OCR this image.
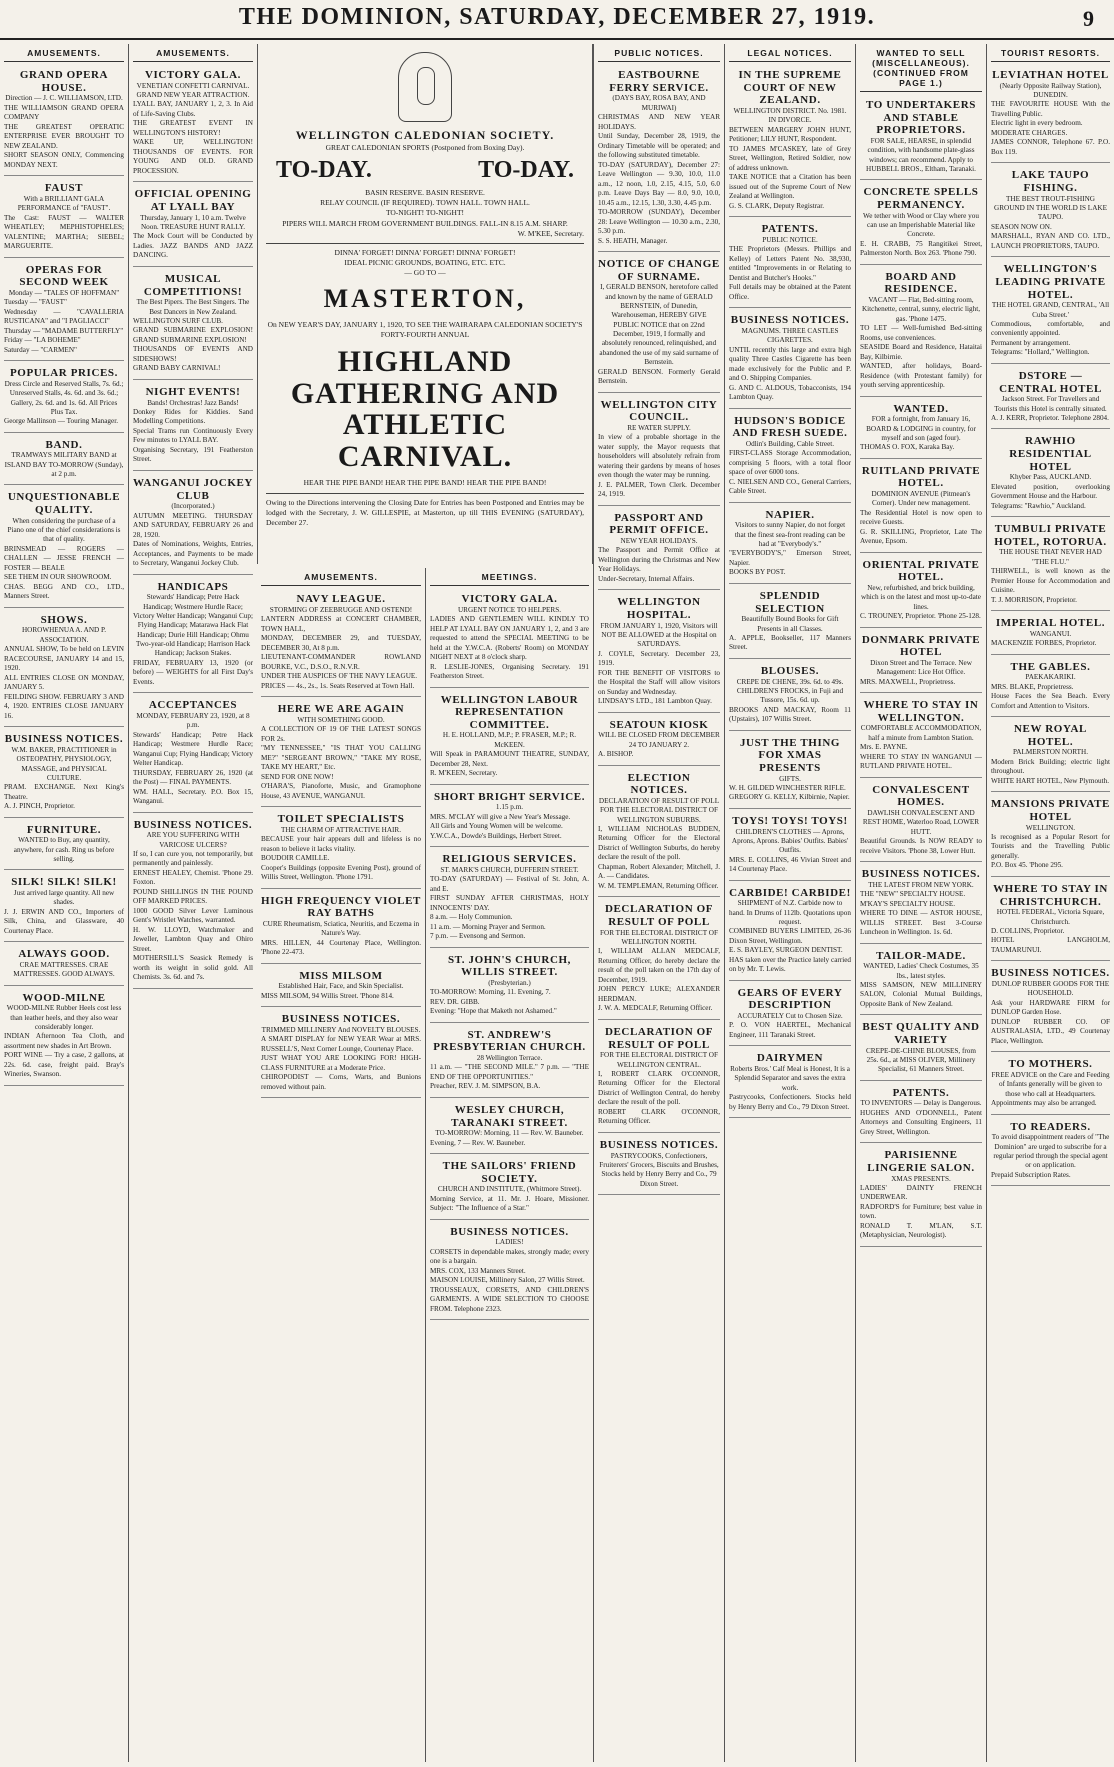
THE DOMINION, SATURDAY, DECEMBER 27, 1919.	9
AMUSEMENTS.
GRAND OPERA HOUSE.
Direction — J. C. WILLIAMSON, LTD.
THE WILLIAMSON GRAND OPERA COMPANY
THE GREATEST OPERATIC ENTERPRISE EVER BROUGHT TO NEW ZEALAND.
SHORT SEASON ONLY, Commencing MONDAY NEXT.
FAUST
With a BRILLIANT GALA PERFORMANCE of "FAUST".
The Cast: FAUST — WALTER WHEATLEY; MEPHISTOPHELES; VALENTINE; MARTHA; SIEBEL; MARGUERITE.
OPERAS FOR SECOND WEEK
Monday — "TALES OF HOFFMAN"
Tuesday — "FAUST"
Wednesday — "CAVALLERIA RUSTICANA" and "I PAGLIACCI"
Thursday — "MADAME BUTTERFLY"
Friday — "LA BOHEME"
Saturday — "CARMEN"
POPULAR PRICES.
Dress Circle and Reserved Stalls, 7s. 6d.; Unreserved Stalls, 4s. 6d. and 3s. 6d.; Gallery, 2s. 6d. and 1s. 6d. All Prices Plus Tax.
George Mallinson — Touring Manager.
BAND.
TRAMWAYS MILITARY BAND at ISLAND BAY TO-MORROW (Sunday), at 2 p.m.
UNQUESTIONABLE QUALITY.
When considering the purchase of a Piano one of the chief considerations is that of quality.
BRINSMEAD — ROGERS — CHALLEN — JESSE FRENCH — FOSTER — BEALE
SEE THEM IN OUR SHOWROOM.
CHAS. BEGG AND CO., LTD., Manners Street.
SHOWS.
HOROWHENUA A. AND P. ASSOCIATION.
ANNUAL SHOW, To be held on LEVIN RACECOURSE, JANUARY 14 and 15, 1920.
ALL ENTRIES CLOSE ON MONDAY, JANUARY 5.
FEILDING SHOW. FEBRUARY 3 AND 4, 1920. ENTRIES CLOSE JANUARY 16.
BUSINESS NOTICES.
W.M. BAKER, PRACTITIONER in OSTEOPATHY, PHYSIOLOGY, MASSAGE, and PHYSICAL CULTURE.
PRAM. EXCHANGE. Next King's Theatre.
A. J. PINCH, Proprietor.
FURNITURE.
WANTED to Buy, any quantity, anywhere, for cash. Ring us before selling.
SILK! SILK! SILK!
Just arrived large quantity. All new shades.
J. J. ERWIN AND CO., Importers of Silk, China, and Glassware, 40 Courtenay Place.
ALWAYS GOOD.
CRAE MATTRESSES. CRAE MATTRESSES. GOOD ALWAYS.
WOOD-MILNE
WOOD-MILNE Rubber Heels cost less than leather heels, and they also wear considerably longer.
INDIAN Afternoon Tea Cloth, and assortment new shades in Art Brown.
PORT WINE — Try a case, 2 gallons, at 22s. 6d. case, freight paid. Bray's Wineries, Swanson.
AMUSEMENTS.
VICTORY GALA.
VENETIAN CONFETTI CARNIVAL. GRAND NEW YEAR ATTRACTION.
LYALL BAY, JANUARY 1, 2, 3. In Aid of Life-Saving Clubs.
THE GREATEST EVENT IN WELLINGTON'S HISTORY!
WAKE UP, WELLINGTON! THOUSANDS OF EVENTS. FOR YOUNG AND OLD. GRAND PROCESSION.
OFFICIAL OPENING AT LYALL BAY
Thursday, January 1, 10 a.m. Twelve Noon. TREASURE HUNT RALLY.
The Mock Court will be Conducted by Ladies. JAZZ BANDS AND JAZZ DANCING.
MUSICAL COMPETITIONS!
The Best Pipers. The Best Singers. The Best Dancers in New Zealand.
WELLINGTON SURF CLUB.
GRAND SUBMARINE EXPLOSION! GRAND SUBMARINE EXPLOSION!
THOUSANDS OF EVENTS AND SIDESHOWS!
GRAND BABY CARNIVAL!
NIGHT EVENTS!
Bands! Orchestras! Jazz Bands!
Donkey Rides for Kiddies. Sand Modelling Competitions.
Special Trams run Continuously Every Few minutes to LYALL BAY.
Organising Secretary, 191 Featherston Street.
WANGANUI JOCKEY CLUB
(Incorporated.)
AUTUMN MEETING. THURSDAY AND SATURDAY, FEBRUARY 26 and 28, 1920.
Dates of Nominations, Weights, Entries, Acceptances, and Payments to be made to Secretary, Wanganui Jockey Club.
HANDICAPS
Stewards' Handicap; Petre Hack Handicap; Westmere Hurdle Race; Victory Welter Handicap; Wanganui Cup; Flying Handicap; Matarawa Hack Flat Handicap; Durie Hill Handicap; Ohmu Two-year-old Handicap; Harrison Hack Handicap; Jackson Stakes.
FRIDAY, FEBRUARY 13, 1920 (or before) — WEIGHTS for all First Day's Events.
ACCEPTANCES
MONDAY, FEBRUARY 23, 1920, at 8 p.m.
Stewards' Handicap; Petre Hack Handicap; Westmere Hurdle Race; Wanganui Cup; Flying Handicap; Victory Welter Handicap.
THURSDAY, FEBRUARY 26, 1920 (at the Post) — FINAL PAYMENTS.
WM. HALL, Secretary. P.O. Box 15, Wanganui.
BUSINESS NOTICES.
ARE YOU SUFFERING WITH VARICOSE ULCERS?
If so, I can cure you, not temporarily, but permanently and painlessly.
ERNEST HEALEY, Chemist. 'Phone 29. Foxton.
POUND SHILLINGS IN THE POUND OFF MARKED PRICES.
1000 GOOD Silver Lever Luminous Gent's Wristlet Watches, warranted.
H. W. LLOYD, Watchmaker and Jeweller, Lambton Quay and Ohiro Street.
MOTHERSILL'S Seasick Remedy is worth its weight in solid gold. All Chemists. 3s. 6d. and 7s.
PUBLIC NOTICES.
EASTBOURNE FERRY SERVICE.
(DAYS BAY, ROSA BAY, AND MURIWAI)
CHRISTMAS AND NEW YEAR HOLIDAYS.
Until Sunday, December 28, 1919, the Ordinary Timetable will be operated; and the following substituted timetable.
TO-DAY (SATURDAY), December 27: Leave Wellington — 9.30, 10.0, 11.0 a.m., 12 noon, 1.0, 2.15, 4.15, 5.0, 6.0 p.m. Leave Days Bay — 8.0, 9.0, 10.0, 10.45 a.m., 12.15, 1.30, 3.30, 4.45 p.m.
TO-MORROW (SUNDAY), December 28: Leave Wellington — 10.30 a.m., 2.30, 5.30 p.m.
S. S. HEATH, Manager.
NOTICE OF CHANGE OF SURNAME.
I, GERALD BENSON, heretofore called and known by the name of GERALD BERNSTEIN, of Dunedin, Warehouseman, HEREBY GIVE PUBLIC NOTICE that on 22nd December, 1919, I formally and absolutely renounced, relinquished, and abandoned the use of my said surname of Bernstein.
GERALD BENSON. Formerly Gerald Bernstein.
WELLINGTON CITY COUNCIL.
RE WATER SUPPLY.
In view of a probable shortage in the water supply, the Mayor requests that householders will absolutely refrain from watering their gardens by means of hoses even though the water may be running.
J. E. PALMER, Town Clerk. December 24, 1919.
PASSPORT AND PERMIT OFFICE.
NEW YEAR HOLIDAYS.
The Passport and Permit Office at Wellington during the Christmas and New Year Holidays.
Under-Secretary, Internal Affairs.
WELLINGTON HOSPITAL.
FROM JANUARY 1, 1920, Visitors will NOT BE ALLOWED at the Hospital on SATURDAYS.
J. COYLE, Secretary. December 23, 1919.
FOR THE BENEFIT OF VISITORS to the Hospital the Staff will allow visitors on Sunday and Wednesday.
LINDSAY'S LTD., 181 Lambton Quay.
SEATOUN KIOSK
WILL BE CLOSED FROM DECEMBER 24 TO JANUARY 2.
A. BISHOP.
ELECTION NOTICES.
DECLARATION OF RESULT OF POLL FOR THE ELECTORAL DISTRICT OF WELLINGTON SUBURBS.
I, WILLIAM NICHOLAS BUDDEN, Returning Officer for the Electoral District of Wellington Suburbs, do hereby declare the result of the poll.
Chapman, Robert Alexander; Mitchell, J. A. — Candidates.
W. M. TEMPLEMAN, Returning Officer.
DECLARATION OF RESULT OF POLL
FOR THE ELECTORAL DISTRICT OF WELLINGTON NORTH.
I, WILLIAM ALLAN MEDCALF, Returning Officer, do hereby declare the result of the poll taken on the 17th day of December, 1919.
JOHN PERCY LUKE; ALEXANDER HERDMAN.
J. W. A. MEDCALF, Returning Officer.
DECLARATION OF RESULT OF POLL
FOR THE ELECTORAL DISTRICT OF WELLINGTON CENTRAL.
I, ROBERT CLARK O'CONNOR, Returning Officer for the Electoral District of Wellington Central, do hereby declare the result of the poll.
ROBERT CLARK O'CONNOR, Returning Officer.
BUSINESS NOTICES.
PASTRYCOOKS, Confectioners, Fruiterers' Grocers, Biscuits and Brushes, Stocks held by Henry Berry and Co., 79 Dixon Street.
LEGAL NOTICES.
IN THE SUPREME COURT OF NEW ZEALAND.
WELLINGTON DISTRICT. No. 1981. IN DIVORCE.
BETWEEN MARGERY JOHN HUNT, Petitioner; LILY HUNT, Respondent.
TO JAMES M'CASKEY, late of Grey Street, Wellington, Retired Soldier, now of address unknown.
TAKE NOTICE that a Citation has been issued out of the Supreme Court of New Zealand at Wellington.
G. S. CLARK, Deputy Registrar.
PATENTS.
PUBLIC NOTICE.
THE Proprietors (Messrs. Phillips and Kelley) of Letters Patent No. 38,930, entitled "Improvements in or Relating to Dentist and Butcher's Hooks."
Full details may be obtained at the Patent Office.
BUSINESS NOTICES.
MAGNUMS. THREE CASTLES CIGARETTES.
UNTIL recently this large and extra high quality Three Castles Cigarette has been made exclusively for the Public and P. and O. Shipping Companies.
G. AND C. ALDOUS, Tobacconists, 194 Lambton Quay.
HUDSON'S BODICE AND FRESH SUEDE.
Odlin's Building, Cable Street.
FIRST-CLASS Storage Accommodation, comprising 5 floors, with a total floor space of over 6000 tons.
C. NIELSEN AND CO., General Carriers, Cable Street.
NAPIER.
Visitors to sunny Napier, do not forget that the finest sea-front reading can be had at "Everybody's."
"EVERYBODY'S," Emerson Street, Napier.
BOOKS BY POST.
SPLENDID SELECTION
Beautifully Bound Books for Gift Presents in all Classes.
A. APPLE, Bookseller, 117 Manners Street.
BLOUSES.
CREPE DE CHENE, 39s. 6d. to 49s. CHILDREN'S FROCKS, in Fuji and Tussore, 15s. 6d. up.
BROOKS AND MACKAY, Room 11 (Upstairs), 107 Willis Street.
JUST THE THING FOR XMAS PRESENTS
GIFTS.
W. H. GILDED WINCHESTER RIFLE.
GREGORY G. KELLY, Kilbirnie, Napier.
TOYS! TOYS! TOYS!
CHILDREN'S CLOTHES — Aprons, Aprons, Aprons. Babies' Outfits. Babies' Outfits.
MRS. E. COLLINS, 46 Vivian Street and 14 Courtenay Place.
CARBIDE! CARBIDE!
SHIPMENT of N.Z. Carbide now to hand. In Drums of 112lb. Quotations upon request.
COMBINED BUYERS LIMITED, 26-36 Dixon Street, Wellington.
E. S. BAYLEY, SURGEON DENTIST.
HAS taken over the Practice lately carried on by Mr. T. Lewis.
GEARS OF EVERY DESCRIPTION
ACCURATELY Cut to Chosen Size.
P. O. VON HAERTEL, Mechanical Engineer, 111 Taranaki Street.
DAIRYMEN
Roberts Bros.' Calf Meal is Honest, It is a Splendid Separator and saves the extra work.
Pastrycooks, Confectioners. Stocks held by Henry Berry and Co., 79 Dixon Street.
WANTED TO SELL (MISCELLANEOUS). (CONTINUED FROM PAGE 1.)
TO UNDERTAKERS AND STABLE PROPRIETORS.
FOR SALE, HEARSE, in splendid condition, with handsome plate-glass windows; can recommend. Apply to HUBBELL BROS., Eltham, Taranaki.
CONCRETE SPELLS PERMANENCY.
We tether with Wood or Clay where you can use an Imperishable Material like Concrete.
E. H. CRABB, 75 Rangitikei Street, Palmerston North. Box 263. 'Phone 790.
BOARD AND RESIDENCE.
VACANT — Flat, Bed-sitting room, Kitchenette, central, sunny, electric light, gas. 'Phone 1475.
TO LET — Well-furnished Bed-sitting Rooms, use conveniences.
SEASIDE Board and Residence, Hataitai Bay, Kilbirnie.
WANTED, after holidays, Board-Residence (with Protestant family) for youth serving apprenticeship.
WANTED.
FOR a fortnight, from January 16, BOARD & LODGING in country, for myself and son (aged four).
THOMAS O. FOX, Karaka Bay.
RUITLAND PRIVATE HOTEL.
DOMINION AVENUE (Pitmean's Corner). Under new management.
The Residential Hotel is now open to receive Guests.
G. R. SKILLING, Proprietor, Late The Avenue, Epsom.
ORIENTAL PRIVATE HOTEL.
New, refurbished, and brick building, which is on the latest and most up-to-date lines.
C. TROUNEY, Proprietor. 'Phone 25-128.
DONMARK PRIVATE HOTEL
Dixon Street and The Terrace. New Management: Lice Hot Office.
MRS. MAXWELL, Proprietress.
WHERE TO STAY IN WELLINGTON.
COMFORTABLE ACCOMMODATION, half a minute from Lambton Station.
Mrs. E. PAYNE.
WHERE TO STAY IN WANGANUI — RUTLAND PRIVATE HOTEL.
CONVALESCENT HOMES.
DAWLISH CONVALESCENT AND REST HOME, Waterloo Road, LOWER HUTT.
Beautiful Grounds. Is NOW READY to receive Visitors. 'Phone 38, Lower Hutt.
BUSINESS NOTICES.
THE LATEST FROM NEW YORK.
THE "NEW" SPECIALTY HOUSE.
M'KAY'S SPECIALTY HOUSE.
WHERE TO DINE — ASTOR HOUSE, WILLIS STREET. Best 3-Course Luncheon in Wellington. 1s. 6d.
TAILOR-MADE.
WANTED, Ladies' Check Costumes, 35 lbs., latest styles.
MISS SAMSON, NEW MILLINERY SALON, Colonial Mutual Buildings, Opposite Bank of New Zealand.
BEST QUALITY AND VARIETY
CREPE-DE-CHINE BLOUSES, from 25s. 6d., at MISS OLIVER, Millinery Specialist, 61 Manners Street.
PATENTS.
TO INVENTORS — Delay is Dangerous.
HUGHES AND O'DONNELL, Patent Attorneys and Consulting Engineers, 11 Grey Street, Wellington.
PARISIENNE LINGERIE SALON.
XMAS PRESENTS.
LADIES' DAINTY FRENCH UNDERWEAR.
RADFORD'S for Furniture; best value in town.
RONALD T. M'LAN, S.T. (Metaphysician, Neurologist).
TOURIST RESORTS.
LEVIATHAN HOTEL
(Nearly Opposite Railway Station), DUNEDIN.
THE FAVOURITE HOUSE With the Travelling Public.
Electric light in every bedroom.
MODERATE CHARGES.
JAMES CONNOR, Telephone 67. P.O. Box 119.
LAKE TAUPO FISHING.
THE BEST TROUT-FISHING GROUND IN THE WORLD IS LAKE TAUPO.
SEASON NOW ON.
MARSHALL, RYAN AND CO. LTD., LAUNCH PROPRIETORS, TAUPO.
WELLINGTON'S LEADING PRIVATE HOTEL.
THE HOTEL GRAND, CENTRAL, 'All Cuba Street.'
Commodious, comfortable, and conveniently appointed.
Permanent by arrangement.
Telegrams: "Hollard," Wellington.
DSTORE — CENTRAL HOTEL
Jackson Street. For Travellers and Tourists this Hotel is centrally situated.
A. J. KERR, Proprietor. Telephone 2804.
RAWHIO RESIDENTIAL HOTEL
Khyber Pass, AUCKLAND.
Elevated position, overlooking Government House and the Harbour.
Telegrams: "Rawhio," Auckland.
TUMBULI PRIVATE HOTEL, ROTORUA.
THE HOUSE THAT NEVER HAD "THE FLU."
THIRWELL, is well known as the Premier House for Accommodation and Cuisine.
T. J. MORRISON, Proprietor.
IMPERIAL HOTEL.
WANGANUI.
MACKENZIE FORBES, Proprietor.
THE GABLES.
PAEKAKARIKI.
MRS. BLAKE, Proprietress.
House Faces the Sea Beach. Every Comfort and Attention to Visitors.
NEW ROYAL HOTEL.
PALMERSTON NORTH.
Modern Brick Building; electric light throughout.
WHITE HART HOTEL, New Plymouth.
MANSIONS PRIVATE HOTEL
WELLINGTON.
Is recognised as a Popular Resort for Tourists and the Travelling Public generally.
P.O. Box 45. 'Phone 295.
WHERE TO STAY IN CHRISTCHURCH.
HOTEL FEDERAL, Victoria Square, Christchurch.
D. COLLINS, Proprietor.
HOTEL LANGHOLM, TAUMARUNUI.
BUSINESS NOTICES.
DUNLOP RUBBER GOODS FOR THE HOUSEHOLD.
Ask your HARDWARE FIRM for DUNLOP Garden Hose.
DUNLOP RUBBER CO. OF AUSTRALASIA, LTD., 49 Courtenay Place, Wellington.
TO MOTHERS.
FREE ADVICE on the Care and Feeding of Infants generally will be given to those who call at Headquarters.
Appointments may also be arranged.
TO READERS.
To avoid disappointment readers of "The Dominion" are urged to subscribe for a regular period through the special agent or on application.
Prepaid Subscription Rates.
WELLINGTON CALEDONIAN SOCIETY.
GREAT CALEDONIAN SPORTS (Postponed from Boxing Day).
TO-DAY.	TO-DAY.
BASIN RESERVE. BASIN RESERVE.
RELAY COUNCIL (IF REQUIRED). TOWN HALL. TOWN HALL.
TO-NIGHT! TO-NIGHT!
PIPERS WILL MARCH FROM GOVERNMENT BUILDINGS. FALL-IN 8.15 A.M. SHARP.
W. M'KEE, Secretary.
DINNA' FORGET! DINNA' FORGET! DINNA' FORGET!
IDEAL PICNIC GROUNDS, BOATING, ETC. ETC.
— GO TO —
MASTERTON,
On NEW YEAR'S DAY, JANUARY 1, 1920, TO SEE THE WAIRARAPA CALEDONIAN SOCIETY'S FORTY-FOURTH ANNUAL
HIGHLAND GATHERING AND ATHLETIC CARNIVAL.
HEAR THE PIPE BAND! HEAR THE PIPE BAND! HEAR THE PIPE BAND!
Owing to the Directions intervening the Closing Date for Entries has been Postponed and Entries may be lodged with the Secretary, J. W. GILLESPIE, at Masterton, up till THIS EVENING (SATURDAY), December 27.
AMUSEMENTS.
NAVY LEAGUE.
STORMING OF ZEEBRUGGE AND OSTEND!
LANTERN ADDRESS at CONCERT CHAMBER, TOWN HALL,
MONDAY, DECEMBER 29, and TUESDAY, DECEMBER 30, At 8 p.m.
LIEUTENANT-COMMANDER ROWLAND BOURKE, V.C., D.S.O., R.N.V.R.
UNDER THE AUSPICES OF THE NAVY LEAGUE.
PRICES — 4s., 2s., 1s. Seats Reserved at Town Hall.
HERE WE ARE AGAIN
WITH SOMETHING GOOD.
A COLLECTION OF 19 OF THE LATEST SONGS FOR 2s.
"MY TENNESSEE," "IS THAT YOU CALLING ME?" "SERGEANT BROWN," "TAKE MY ROSE, TAKE MY HEART," Etc.
SEND FOR ONE NOW!
O'HARA'S, Pianoforte, Music, and Gramophone House, 43 AVENUE, WANGANUI.
TOILET SPECIALISTS
THE CHARM OF ATTRACTIVE HAIR.
BECAUSE your hair appears dull and lifeless is no reason to believe it lacks vitality.
BOUDOIR CAMILLE.
Cooper's Buildings (opposite Evening Post), ground of Willis Street, Wellington. 'Phone 1791.
HIGH FREQUENCY VIOLET RAY BATHS
CURE Rheumatism, Sciatica, Neuritis, and Eczema in Nature's Way.
MRS. HILLEN, 44 Courtenay Place, Wellington. 'Phone 22-473.
MISS MILSOM
Established Hair, Face, and Skin Specialist.
MISS MILSOM, 94 Willis Street. 'Phone 814.
BUSINESS NOTICES.
TRIMMED MILLINERY And NOVELTY BLOUSES.
A SMART DISPLAY for NEW YEAR Wear at MRS. RUSSELL'S, Next Corner Lounge, Courtenay Place.
JUST WHAT YOU ARE LOOKING FOR! HIGH-CLASS FURNITURE at a Moderate Price.
CHIROPODIST — Corns, Warts, and Bunions removed without pain.
MEETINGS.
VICTORY GALA.
URGENT NOTICE TO HELPERS.
LADIES AND GENTLEMEN WILL KINDLY TO HELP AT LYALL BAY ON JANUARY 1, 2, and 3 are requested to attend the SPECIAL MEETING to be held at the Y.W.C.A. (Roberts' Room) on MONDAY NIGHT NEXT at 8 o'clock sharp.
R. LESLIE-JONES, Organising Secretary. 191 Featherston Street.
WELLINGTON LABOUR REPRESENTATION COMMITTEE.
H. E. HOLLAND, M.P.; P. FRASER, M.P.; R. McKEEN.
Will Speak in PARAMOUNT THEATRE, SUNDAY, December 28, Next.
R. M'KEEN, Secretary.
SHORT BRIGHT SERVICE.
1.15 p.m.
MRS. M'CLAY will give a New Year's Message.
All Girls and Young Women will be welcome.
Y.W.C.A., Dowde's Buildings, Herbert Street.
RELIGIOUS SERVICES.
ST. MARK'S CHURCH, DUFFERIN STREET.
TO-DAY (SATURDAY) — Festival of St. John, A. and E.
FIRST SUNDAY AFTER CHRISTMAS, HOLY INNOCENTS' DAY.
8 a.m. — Holy Communion.
11 a.m. — Morning Prayer and Sermon.
7 p.m. — Evensong and Sermon.
ST. JOHN'S CHURCH, WILLIS STREET.
(Presbyterian.)
TO-MORROW: Morning, 11. Evening, 7.
REV. DR. GIBB.
Evening: "Hope that Maketh not Ashamed."
ST. ANDREW'S PRESBYTERIAN CHURCH.
28 Wellington Terrace.
11 a.m. — "THE SECOND MILE." 7 p.m. — "THE END OF THE OPPORTUNITIES."
Preacher, REV. J. M. SIMPSON, B.A.
WESLEY CHURCH, TARANAKI STREET.
TO-MORROW: Morning, 11 — Rev. W. Bauneber.
Evening, 7 — Rev. W. Bauneber.
THE SAILORS' FRIEND SOCIETY.
CHURCH AND INSTITUTE, (Whitmore Street).
Morning Service, at 11. Mr. J. Hoare, Missioner. Subject: "The Influence of a Star."
BUSINESS NOTICES.
LADIES!
CORSETS in dependable makes, strongly made; every one is a bargain.
MRS. COX, 133 Manners Street.
MAISON LOUISE, Millinery Salon, 27 Willis Street.
TROUSSEAUX, CORSETS, AND CHILDREN'S GARMENTS. A WIDE SELECTION TO CHOOSE FROM. Telephone 2323.
